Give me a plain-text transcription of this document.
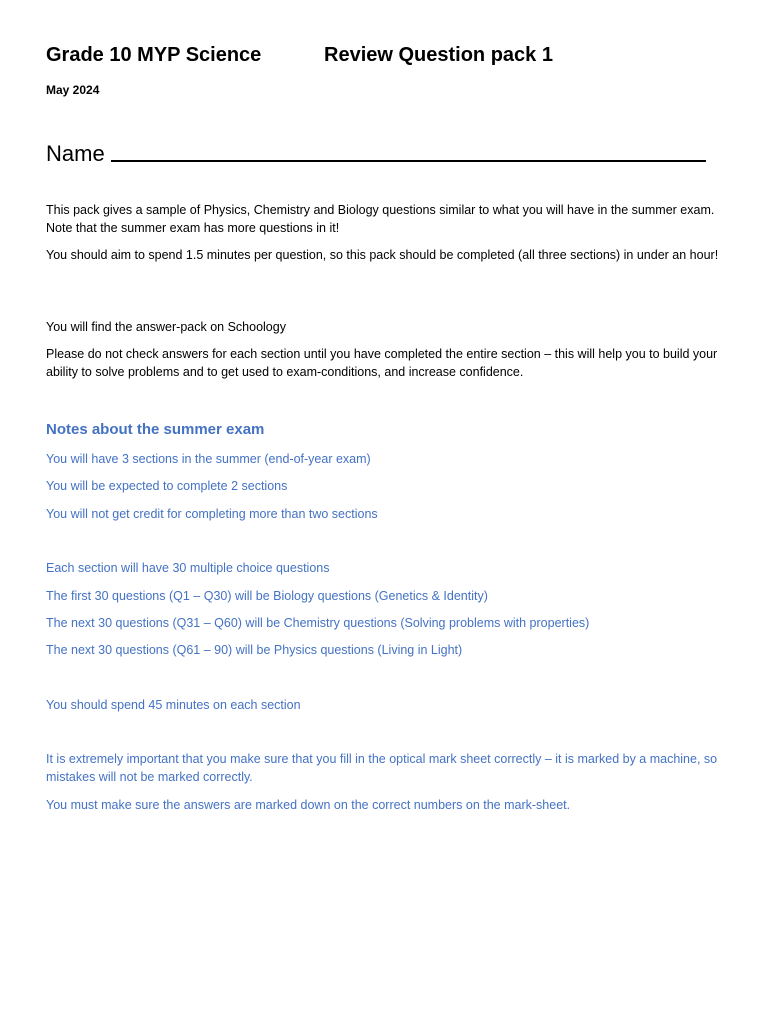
Grade 10 MYP Science	Review Question pack 1
May 2024
Name
This pack gives a sample of Physics, Chemistry and Biology questions similar to what you will have in the summer exam. Note that the summer exam has more questions in it!
You should aim to spend 1.5 minutes per question, so this pack should be completed (all three sections) in under an hour!
You will find the answer-pack on Schoology
Please do not check answers for each section until you have completed the entire section – this will help you to build your ability to solve problems and to get used to exam-conditions, and increase confidence.
Notes about the summer exam
You will have 3 sections in the summer (end-of-year exam)
You will be expected to complete 2 sections
You will not get credit for completing more than two sections
Each section will have 30 multiple choice questions
The first 30 questions (Q1 – Q30) will be Biology questions (Genetics & Identity)
The next 30 questions (Q31 – Q60) will be Chemistry questions (Solving problems with properties)
The next 30 questions (Q61 – 90) will be Physics questions (Living in Light)
You should spend 45 minutes on each section
It is extremely important that you make sure that you fill in the optical mark sheet correctly – it is marked by a machine, so mistakes will not be marked correctly.
You must make sure the answers are marked down on the correct numbers on the mark-sheet.
